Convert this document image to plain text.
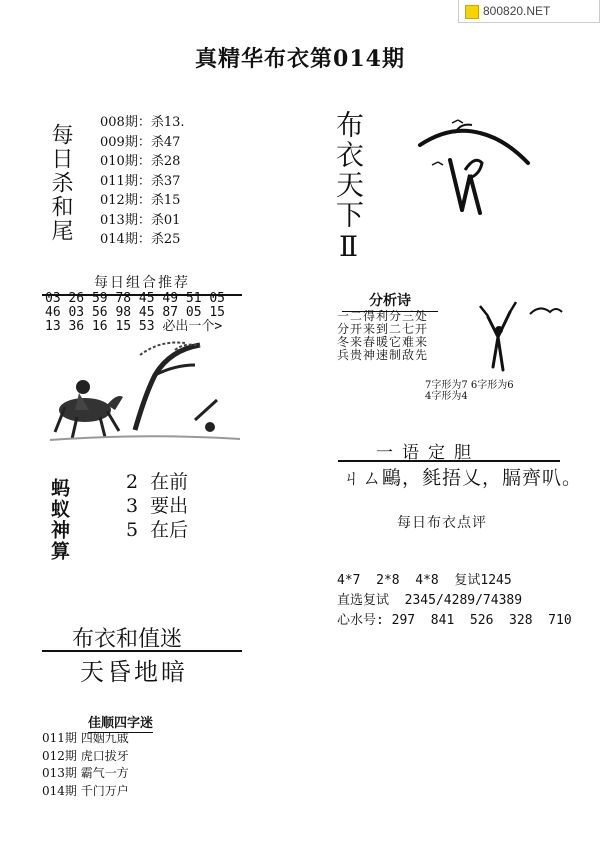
800820.NET
真精华布衣第014期
每日杀和尾
008期：杀13.
009期：杀47
010期：杀28
011期：杀37
012期：杀15
013期：杀01
014期：杀25	布衣天下Ⅱ
每日组合推荐
03 26 59 78 45 49 51 05
46 03 56 98 45 87 05 15
13 36 16 15 53 必出一个>
蚂蚁神算	2  在前
3  要出
5  在后
布衣和值迷
天昏地暗
佳顺四字迷
011期 四姻九戚
012期 虎口拔牙
013期 霸气一方
014期 千门万户
分析诗
一二得利分三处
分开来到二七开
冬来春暖它难来
兵贵神速制敌先
7字形为7 6字形为6
4字形为4
一语定胆
ㄐㄙ鷗，毵捂乂，膈齊叭。
每日布衣点评
4*7  2*8  4*8  复试1245
直选复试  2345/4289/74389
心水号: 297  841  526  328  710
